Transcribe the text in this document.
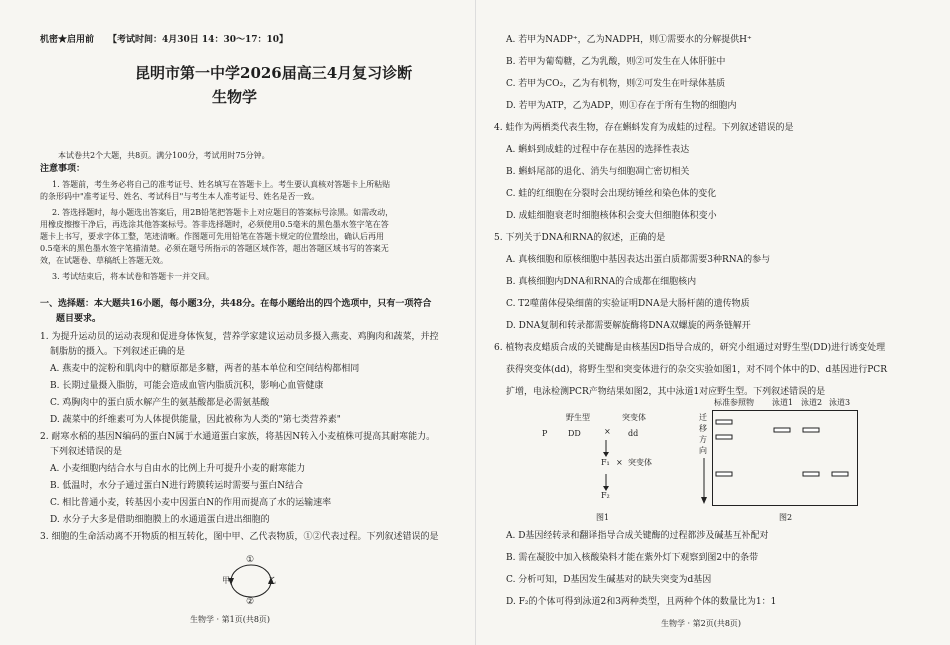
机密★启用前 【考试时间：4月30日 14：30～17：10】
昆明市第一中学2026届高三4月复习诊断
生物学
本试卷共2个大题，共8页。满分100分，考试用时75分钟。
注意事项：
1. 答题前，考生务必将自己的准考证号、姓名填写在答题卡上。考生要认真核对答题卡上所粘贴
的条形码中"准考证号、姓名、考试科目"与考生本人准考证号、姓名是否一致。
2. 答选择题时，每小题选出答案后，用2B铅笔把答题卡上对应题目的答案标号涂黑。如需改动，
用橡皮擦擦干净后，再选涂其他答案标号。答非选择题时，必须使用0.5毫米的黑色墨水签字笔在答
题卡上书写，要求字体工整，笔迹清晰。作图题可先用铅笔在答题卡规定的位置绘出，确认后再用
0.5毫米的黑色墨水签字笔描清楚。必须在题号所指示的答题区域作答，超出答题区域书写的答案无
效，在试题卷、草稿纸上答题无效。
3. 考试结束后，将本试卷和答题卡一并交回。
一、选择题：本大题共16小题，每小题3分，共48分。在每小题给出的四个选项中，只有一项符合
题目要求。
1. 为提升运动员的运动表现和促进身体恢复，营养学家建议运动员多摄入燕麦、鸡胸肉和蔬菜，并控
制脂肪的摄入。下列叙述正确的是
A. 燕麦中的淀粉和肌肉中的糖原都是多糖，两者的基本单位和空间结构都相同
B. 长期过量摄入脂肪，可能会造成血管内脂质沉积，影响心血管健康
C. 鸡胸肉中的蛋白质水解产生的氨基酸都是必需氨基酸
D. 蔬菜中的纤维素可为人体提供能量，因此被称为人类的"第七类营养素"
2. 耐寒水稻的基因N编码的蛋白N属于水通道蛋白家族，将基因N转入小麦植株可提高其耐寒能力。
下列叙述错误的是
A. 小麦细胞内结合水与自由水的比例上升可提升小麦的耐寒能力
B. 低温时，水分子通过蛋白N进行跨膜转运时需要与蛋白N结合
C. 相比普通小麦，转基因小麦中因蛋白N的作用而提高了水的运输速率
D. 水分子大多是借助细胞膜上的水通道蛋白进出细胞的
3. 细胞的生命活动离不开物质的相互转化，图中甲、乙代表物质，①②代表过程。下列叙述错误的是
①
②
甲	乙
生物学 · 第1页(共8页)
A. 若甲为NADP⁺，乙为NADPH，则①需要水的分解提供H⁺
B. 若甲为葡萄糖，乙为乳酸，则②可发生在人体肝脏中
C. 若甲为CO₂，乙为有机物，则②可发生在叶绿体基质
D. 若甲为ATP，乙为ADP，则①存在于所有生物的细胞内
4. 蛙作为两栖类代表生物，存在蝌蚪发育为成蛙的过程。下列叙述错误的是
A. 蝌蚪到成蛙的过程中存在基因的选择性表达
B. 蝌蚪尾部的退化、消失与细胞凋亡密切相关
C. 蛙的红细胞在分裂时会出现纺锤丝和染色体的变化
D. 成蛙细胞衰老时细胞核体积会变大但细胞体积变小
5. 下列关于DNA和RNA的叙述，正确的是
A. 真核细胞和原核细胞中基因表达出蛋白质都需要3种RNA的参与
B. 真核细胞内DNA和RNA的合成都在细胞核内
C. T2噬菌体侵染细菌的实验证明DNA是大肠杆菌的遗传物质
D. DNA复制和转录都需要解旋酶将DNA双螺旋的两条链解开
6. 植物表皮蜡质合成的关键酶是由核基因D指导合成的，研究小组通过对野生型(DD)进行诱变处理
获得突变体(dd)，将野生型和突变体进行的杂交实验如图1，对不同个体中的D、d基因进行PCR
扩增，电泳检测PCR产物结果如图2，其中泳道1对应野生型。下列叙述错误的是
野生型	突变体
P	DD	× dd
F₁ × 突变体
F₂
图1
迁移方向
标准参照物 泳道1 泳道2 泳道3
图2
A. D基因经转录和翻译指导合成关键酶的过程都涉及碱基互补配对
B. 需在凝胶中加入核酸染料才能在紫外灯下观察到图2中的条带
C. 分析可知，D基因发生碱基对的缺失突变为d基因
D. F₂的个体可得到泳道2和3两种类型，且两种个体的数量比为1：1
生物学 · 第2页(共8页)
